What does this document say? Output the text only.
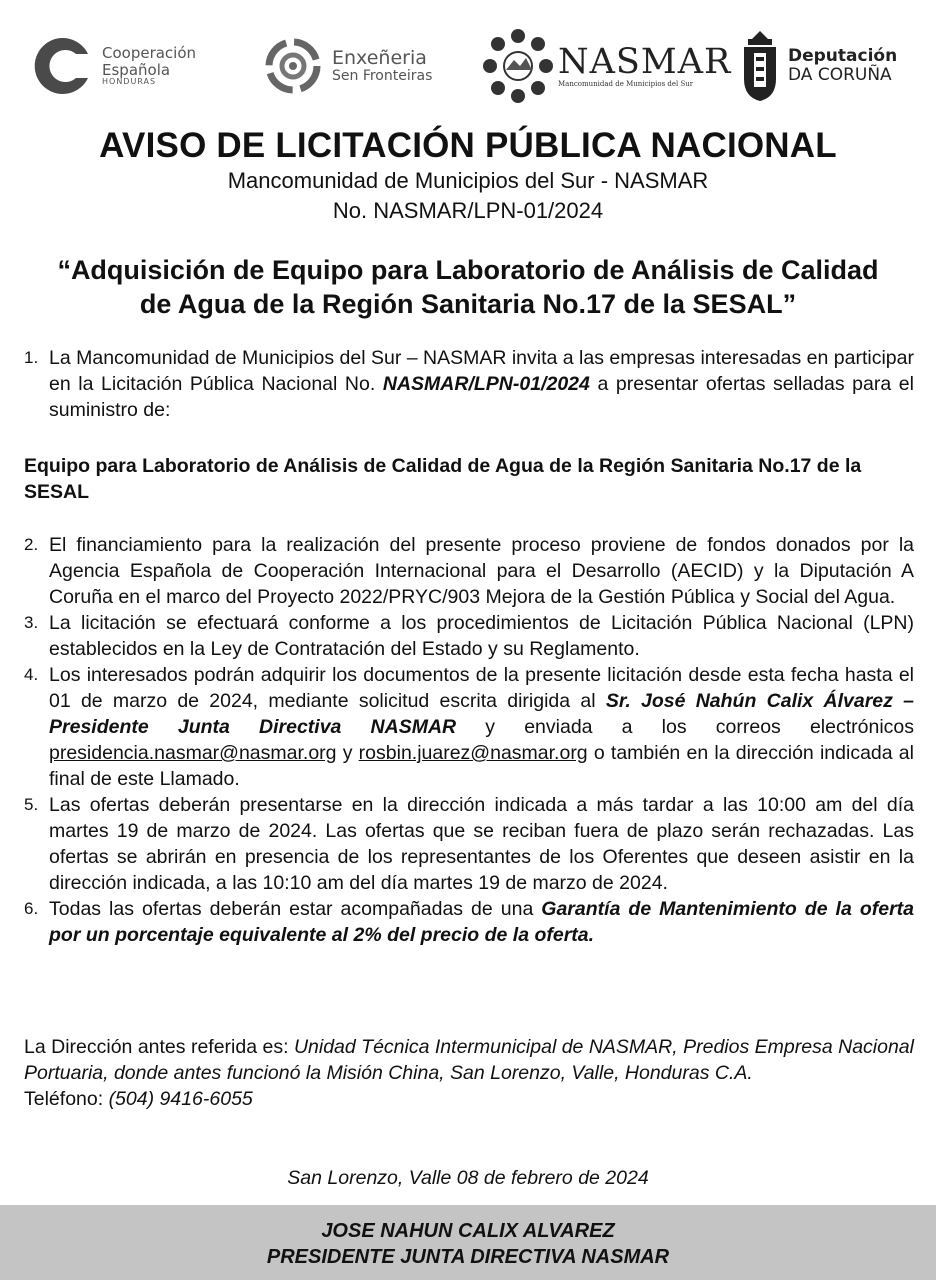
Cooperación
Española
HONDURAS
Enxeñeria
Sen Fronteiras	NASMAR
Mancomunidad de Municipios del Sur
Deputación
DA CORUÑA
AVISO DE LICITACIÓN PÚBLICA NACIONAL
Mancomunidad de Municipios del Sur - NASMAR
No. NASMAR/LPN-01/2024
“Adquisición de Equipo para Laboratorio de Análisis de Calidad
de Agua de la Región Sanitaria No.17 de la SESAL”
1. La Mancomunidad de Municipios del Sur – NASMAR invita a las empresas interesadas en participar en la Licitación Pública Nacional No. NASMAR/LPN-01/2024 a presentar ofertas selladas para el suministro de:
Equipo para Laboratorio de Análisis de Calidad de Agua de la Región Sanitaria No.17 de la SESAL
2. El financiamiento para la realización del presente proceso proviene de fondos donados por la Agencia Española de Cooperación Internacional para el Desarrollo (AECID) y la Diputación A Coruña en el marco del Proyecto 2022/PRYC/903 Mejora de la Gestión Pública y Social del Agua.
3. La licitación se efectuará conforme a los procedimientos de Licitación Pública Nacional (LPN) establecidos en la Ley de Contratación del Estado y su Reglamento.
4. Los interesados podrán adquirir los documentos de la presente licitación desde esta fecha hasta el 01 de marzo de 2024, mediante solicitud escrita dirigida al Sr. José Nahún Calix Álvarez – Presidente Junta Directiva NASMAR y enviada a los correos electrónicos presidencia.nasmar@nasmar.org y rosbin.juarez@nasmar.org o también en la dirección indicada al final de este Llamado.
5. Las ofertas deberán presentarse en la dirección indicada a más tardar a las 10:00 am del día martes 19 de marzo de 2024. Las ofertas que se reciban fuera de plazo serán rechazadas. Las ofertas se abrirán en presencia de los representantes de los Oferentes que deseen asistir en la dirección indicada, a las 10:10 am del día martes 19 de marzo de 2024.
6. Todas las ofertas deberán estar acompañadas de una Garantía de Mantenimiento de la oferta por un porcentaje equivalente al 2% del precio de la oferta.
La Dirección antes referida es: Unidad Técnica Intermunicipal de NASMAR, Predios Empresa Nacional Portuaria, donde antes funcionó la Misión China, San Lorenzo, Valle, Honduras C.A.
Teléfono: (504) 9416-6055
San Lorenzo, Valle 08 de febrero de 2024
JOSE NAHUN CALIX ALVAREZ
PRESIDENTE JUNTA DIRECTIVA NASMAR
